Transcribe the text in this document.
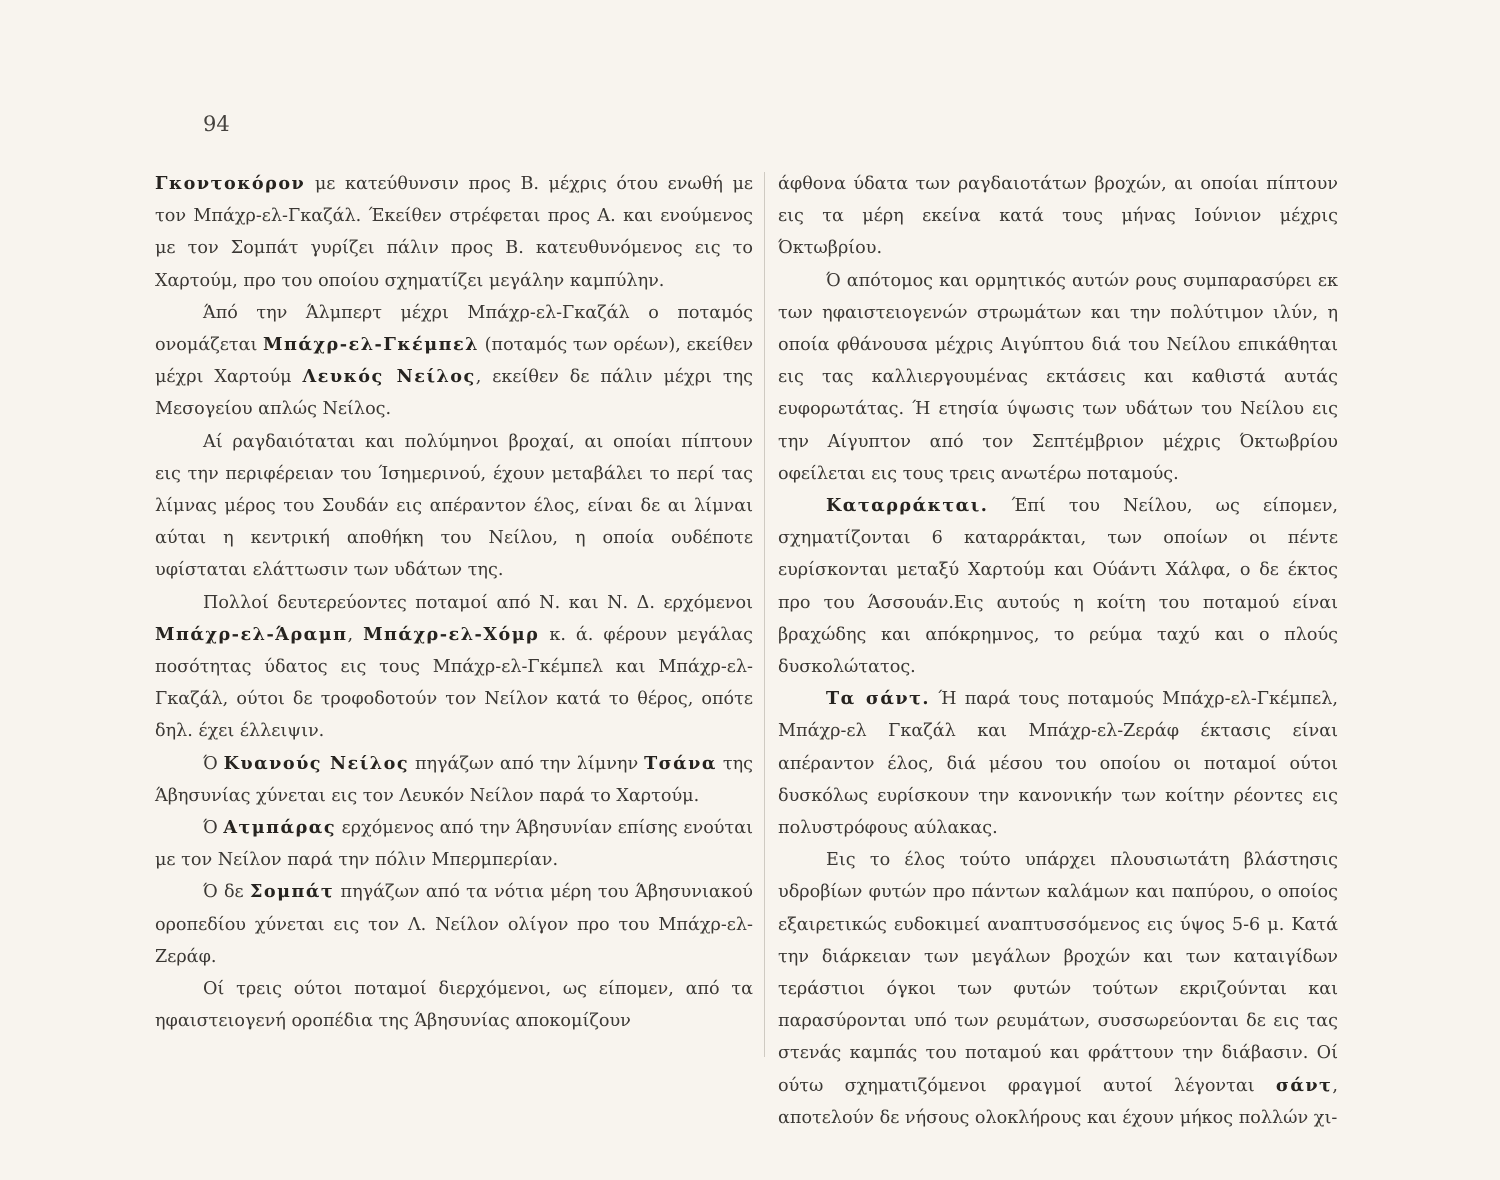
94

Γκοντοκόρον με κατεύθυνσιν προς Β. μέχρις ότου ενωθή με τον Μπάχρ-ελ-Γκαζάλ. Έκείθεν στρέφεται προς Α. και ενούμενος με τον Σομπάτ γυρίζει πάλιν προς Β. κατευθυνόμενος εις το Χαρτούμ, προ του οποίου σχηματίζει μεγάλην καμπύλην.

Άπό την Άλμπερτ μέχρι Μπάχρ-ελ-Γκαζάλ ο ποταμός ονομάζεται Μπάχρ-ελ-Γκέμπελ (ποταμός των ορέων), εκείθεν μέχρι Χαρτούμ Λευκός Νείλος, εκείθεν δε πάλιν μέχρι της Μεσογείου απλώς Νείλος.

Αί ραγδαιόταται και πολύμηνοι βροχαί, αι οποίαι πίπτουν εις την περιφέρειαν του Ίσημερινού, έχουν μεταβάλει το περί τας λίμνας μέρος του Σουδάν εις απέραντον έλος, είναι δε αι λίμναι αύται η κεντρική αποθήκη του Νείλου, η οποία ουδέποτε υφίσταται ελάττωσιν των υδάτων της.

Πολλοί δευτερεύοντες ποταμοί από Ν. και Ν. Δ. ερχόμενοι Μπάχρ-ελ-Άραμπ, Μπάχρ-ελ-Χόμρ κ. ά. φέρουν μεγάλας ποσότητας ύδατος εις τους Μπάχρ-ελ-Γκέμπελ και Μπάχρ-ελ-Γκαζάλ, ούτοι δε τροφοδοτούν τον Νείλον κατά το θέρος, οπότε δηλ. έχει έλλειψιν.

Ό Κυανούς Νείλος πηγάζων από την λίμνην Τσάνα της Άβησυνίας χύνεται εις τον Λευκόν Νείλον παρά το Χαρτούμ.

Ό Ατμπάρας ερχόμενος από την Άβησυνίαν επίσης ενούται με τον Νείλον παρά την πόλιν Μπερμπερίαν.

Ό δε Σομπάτ πηγάζων από τα νότια μέρη του Άβησυνιακού οροπεδίου χύνεται εις τον Λ. Νείλον ολίγον προ του Μπάχρ-ελ-Ζεράφ.

Οί τρεις ούτοι ποταμοί διερχόμενοι, ως είπομεν, από τα ηφαιστειογενή οροπέδια της Άβησυνίας αποκομίζουν

άφθονα ύδατα των ραγδαιοτάτων βροχών, αι οποίαι πίπτουν εις τα μέρη εκείνα κατά τους μήνας Ιούνιον μέχρις Όκτωβρίου.

Ό απότομος και ορμητικός αυτών ρους συμπαρασύρει εκ των ηφαιστειογενών στρωμάτων και την πολύτιμον ιλύν, η οποία φθάνουσα μέχρις Αιγύπτου διά του Νείλου επικάθηται εις τας καλλιεργουμένας εκτάσεις και καθιστά αυτάς ευφορωτάτας. Ή ετησία ύψωσις των υδάτων του Νείλου εις την Αίγυπτον από τον Σεπτέμβριον μέχρις Όκτωβρίου οφείλεται εις τους τρεις ανωτέρω ποταμούς.

Καταρράκται. Έπί του Νείλου, ως είπομεν, σχηματίζονται 6 καταρράκται, των οποίων οι πέντε ευρίσκονται μεταξύ Χαρτούμ και Ούάντι Χάλφα, ο δε έκτος προ του Άσσουάν.Εις αυτούς η κοίτη του ποταμού είναι βραχώδης και απόκρημνος, το ρεύμα ταχύ και ο πλούς δυσκολώτατος.

Τα σάντ. Ή παρά τους ποταμούς Μπάχρ-ελ-Γκέμπελ, Μπάχρ-ελ Γκαζάλ και Μπάχρ-ελ-Ζεράφ έκτασις είναι απέραντον έλος, διά μέσου του οποίου οι ποταμοί ούτοι δυσκόλως ευρίσκουν την κανονικήν των κοίτην ρέοντες εις πολυστρόφους αύλακας.

Εις το έλος τούτο υπάρχει πλουσιωτάτη βλάστησις υδροβίων φυτών προ πάντων καλάμων και παπύρου, ο οποίος εξαιρετικώς ευδοκιμεί αναπτυσσόμενος εις ύψος 5-6 μ. Κατά την διάρκειαν των μεγάλων βροχών και των καταιγίδων τεράστιοι όγκοι των φυτών τούτων εκριζούνται και παρασύρονται υπό των ρευμάτων, συσσωρεύονται δε εις τας στενάς καμπάς του ποταμού και φράττουν την διάβασιν. Οί ούτω σχηματιζόμενοι φραγμοί αυτοί λέγονται σάντ, αποτελούν δε νήσους ολοκλήρους και έχουν μήκος πολλών χι-
